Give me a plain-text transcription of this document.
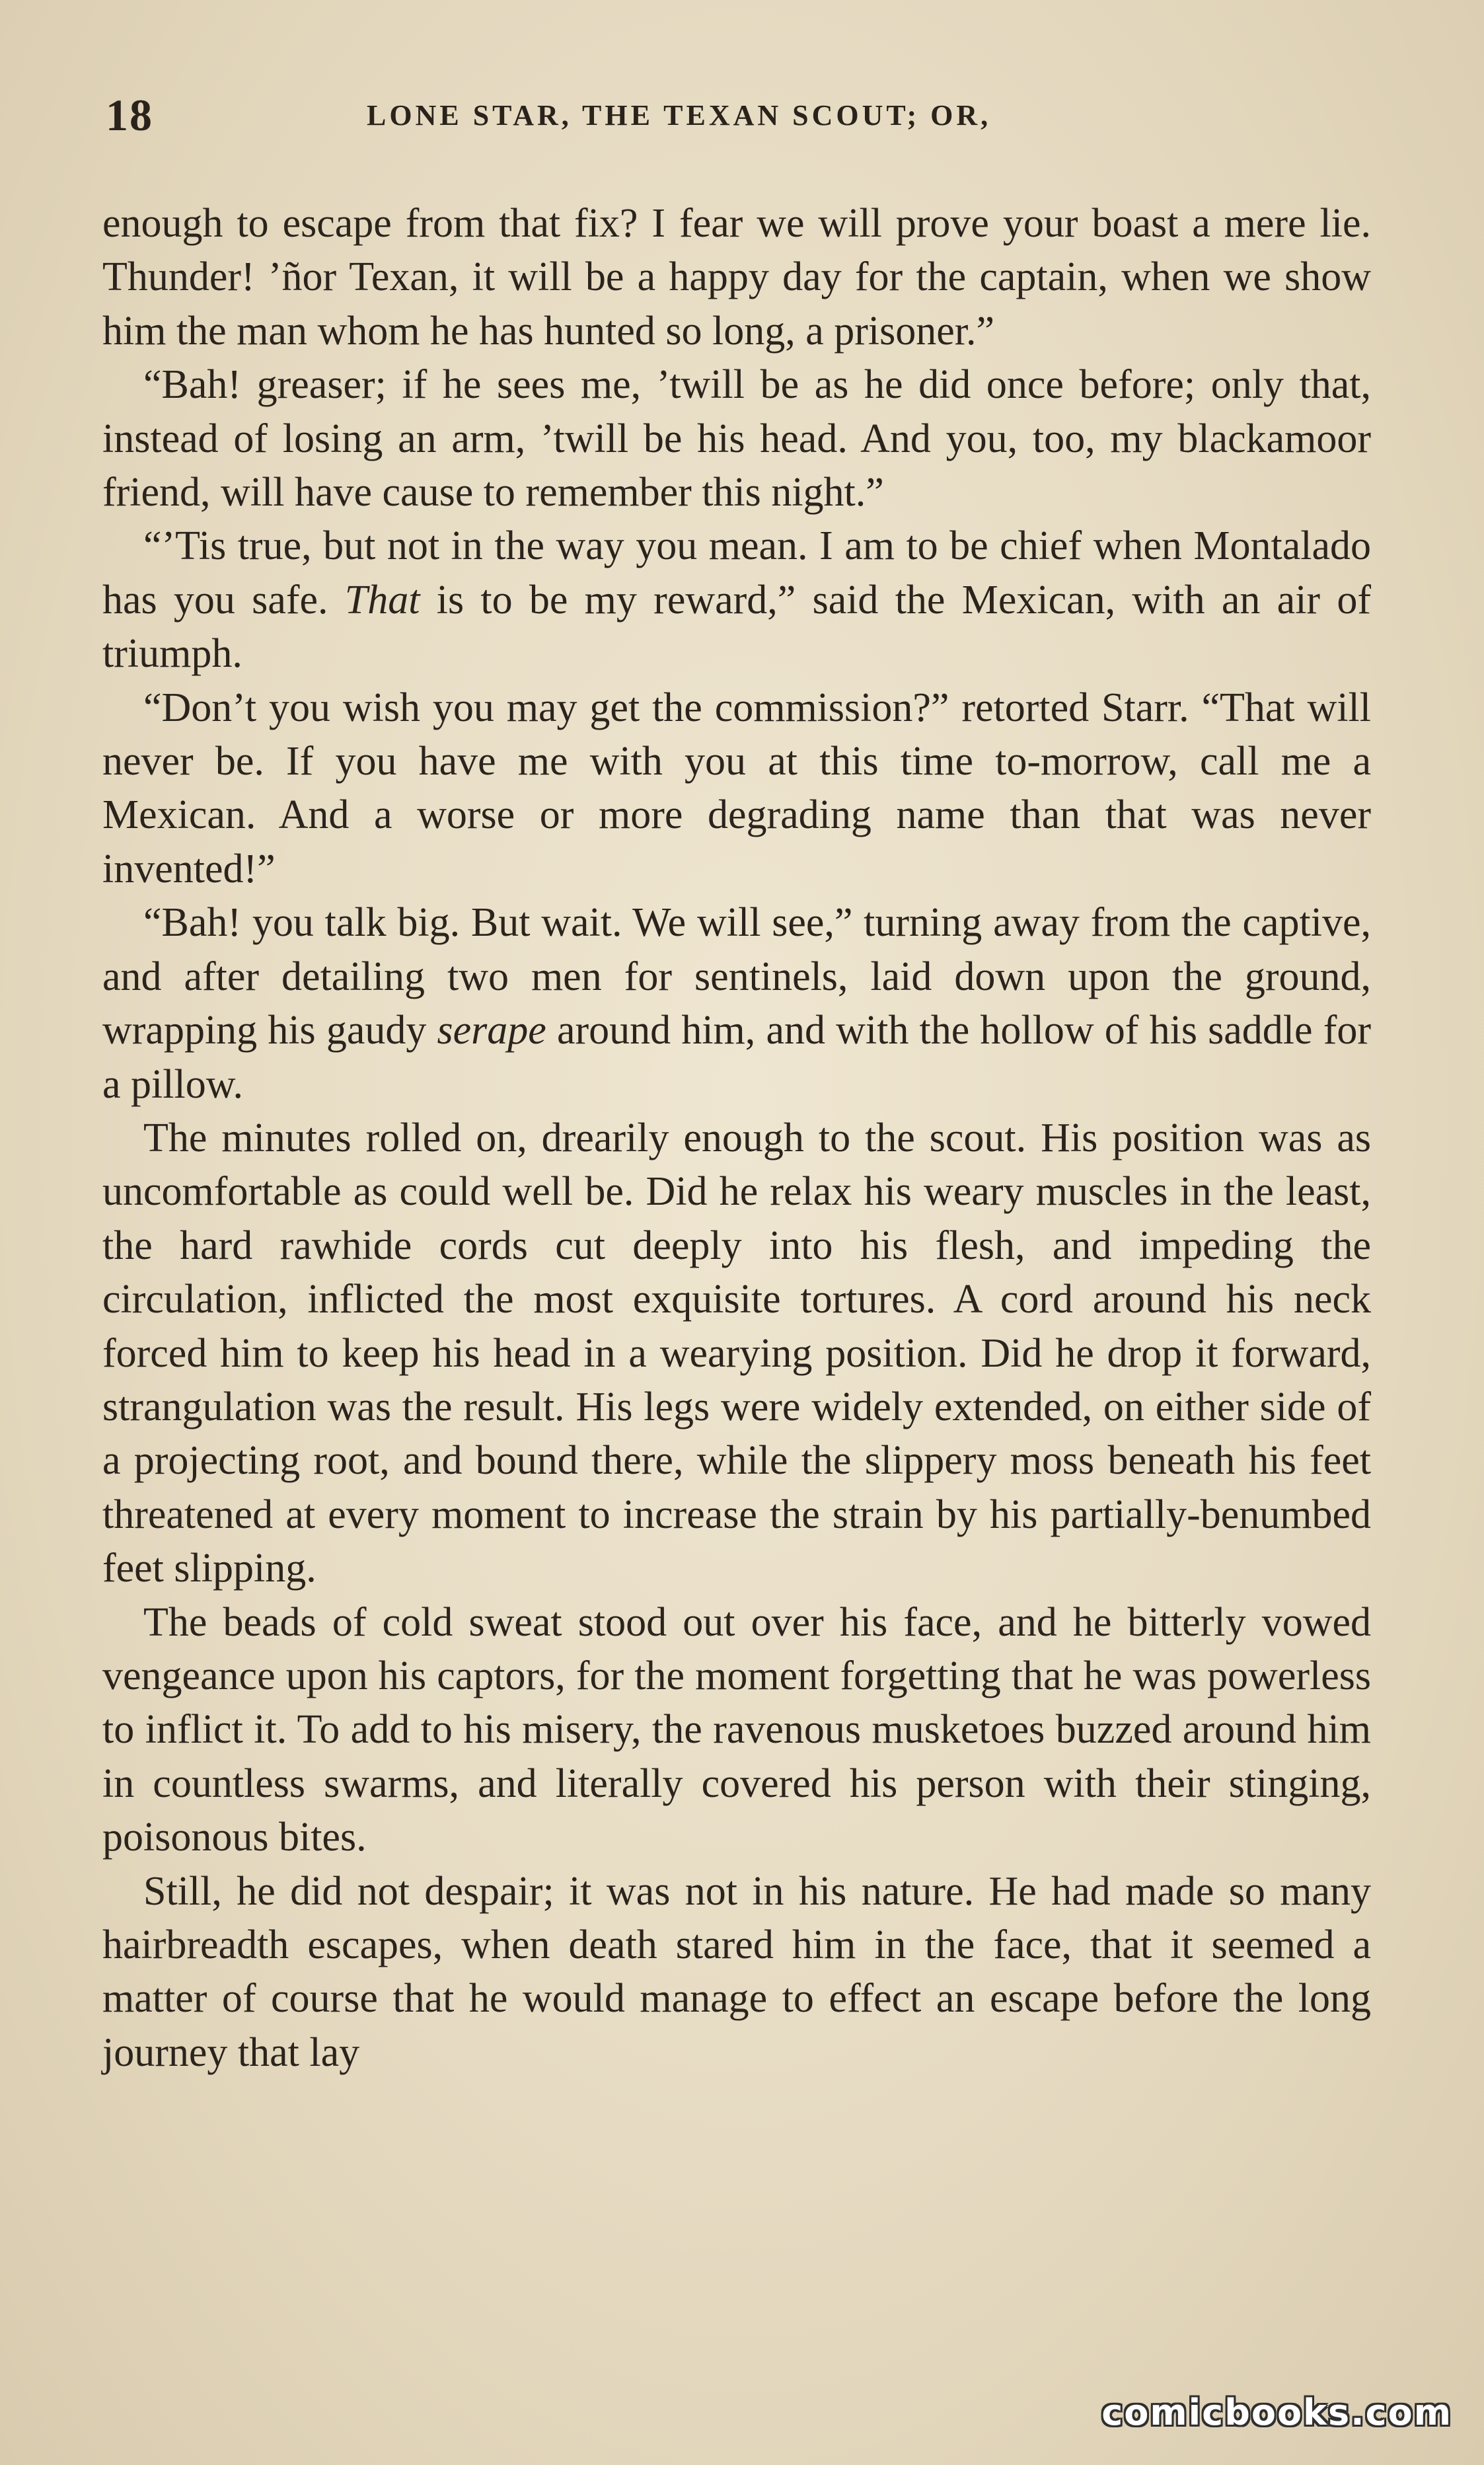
18	LONE STAR, THE TEXAN SCOUT; OR,

enough to escape from that fix? I fear we will prove your boast a mere lie. Thunder! ’ñor Texan, it will be a happy day for the captain, when we show him the man whom he has hunted so long, a prisoner.”

“Bah! greaser; if he sees me, ’twill be as he did once before; only that, instead of losing an arm, ’twill be his head. And you, too, my blackamoor friend, will have cause to remember this night.”

“’Tis true, but not in the way you mean. I am to be chief when Montalado has you safe. That is to be my reward,” said the Mexican, with an air of triumph.

“Don’t you wish you may get the commission?” retorted Starr. “That will never be. If you have me with you at this time to-morrow, call me a Mexican. And a worse or more degrading name than that was never invented!”

“Bah! you talk big. But wait. We will see,” turning away from the captive, and after detailing two men for sentinels, laid down upon the ground, wrapping his gaudy serape around him, and with the hollow of his saddle for a pillow.

The minutes rolled on, drearily enough to the scout. His position was as uncomfortable as could well be. Did he relax his weary muscles in the least, the hard rawhide cords cut deeply into his flesh, and impeding the circulation, inflicted the most exquisite tortures. A cord around his neck forced him to keep his head in a wearying position. Did he drop it forward, strangulation was the result. His legs were widely extended, on either side of a projecting root, and bound there, while the slippery moss beneath his feet threatened at every moment to increase the strain by his partially-benumbed feet slipping.

The beads of cold sweat stood out over his face, and he bitterly vowed vengeance upon his captors, for the moment forgetting that he was powerless to inflict it. To add to his misery, the ravenous musketoes buzzed around him in countless swarms, and literally covered his person with their stinging, poisonous bites.

Still, he did not despair; it was not in his nature. He had made so many hairbreadth escapes, when death stared him in the face, that it seemed a matter of course that he would manage to effect an escape before the long journey that lay

comicbooks.com
